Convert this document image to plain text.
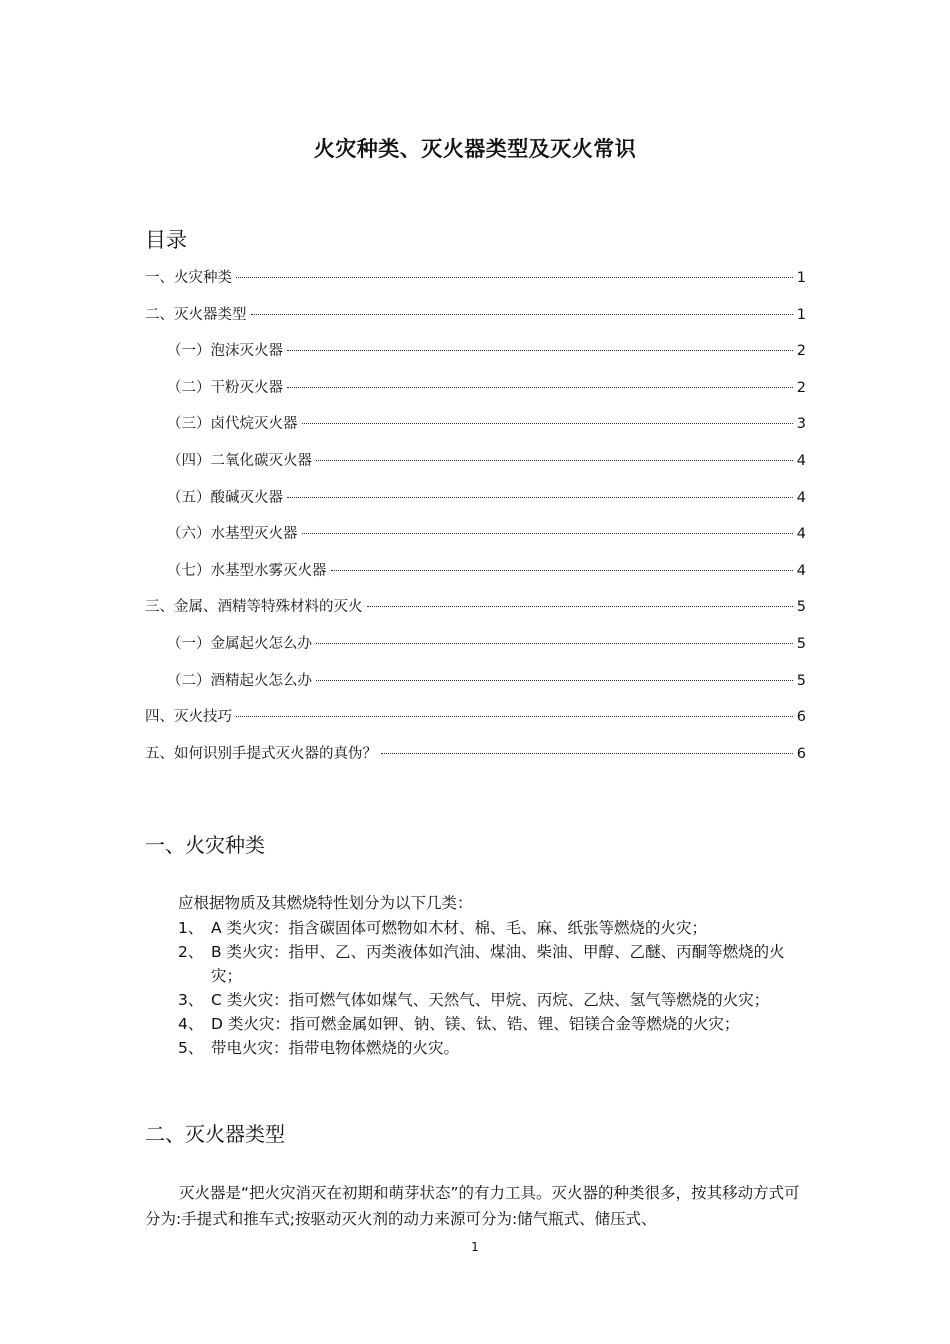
火灾种类、灭火器类型及灭火常识
目录
一、火灾种类	1
二、灭火器类型	1
（一）泡沫灭火器	2
（二）干粉灭火器	2
（三）卤代烷灭火器	3
（四）二氧化碳灭火器	4
（五）酸碱灭火器	4
（六）水基型灭火器	4
（七）水基型水雾灭火器	4
三、金属、酒精等特殊材料的灭火	5
（一）金属起火怎么办	5
（二）酒精起火怎么办	5
四、灭火技巧	6
五、如何识别手提式灭火器的真伪？	6
一、火灾种类
应根据物质及其燃烧特性划分为以下几类：
1、 A 类火灾：指含碳固体可燃物如木材、棉、毛、麻、纸张等燃烧的火灾；
2、 B 类火灾：指甲、乙、丙类液体如汽油、煤油、柴油、甲醇、乙醚、丙酮等燃烧的火灾；
3、 C 类火灾：指可燃气体如煤气、天然气、甲烷、丙烷、乙炔、氢气等燃烧的火灾；
4、 D 类火灾：指可燃金属如钾、钠、镁、钛、锆、锂、铝镁合金等燃烧的火灾；
5、 带电火灾：指带电物体燃烧的火灾。
二、灭火器类型
灭火器是“把火灾消灭在初期和萌芽状态”的有力工具。灭火器的种类很多，按其移动方式可分为:手提式和推车式;按驱动灭火剂的动力来源可分为:储气瓶式、储压式、
1
